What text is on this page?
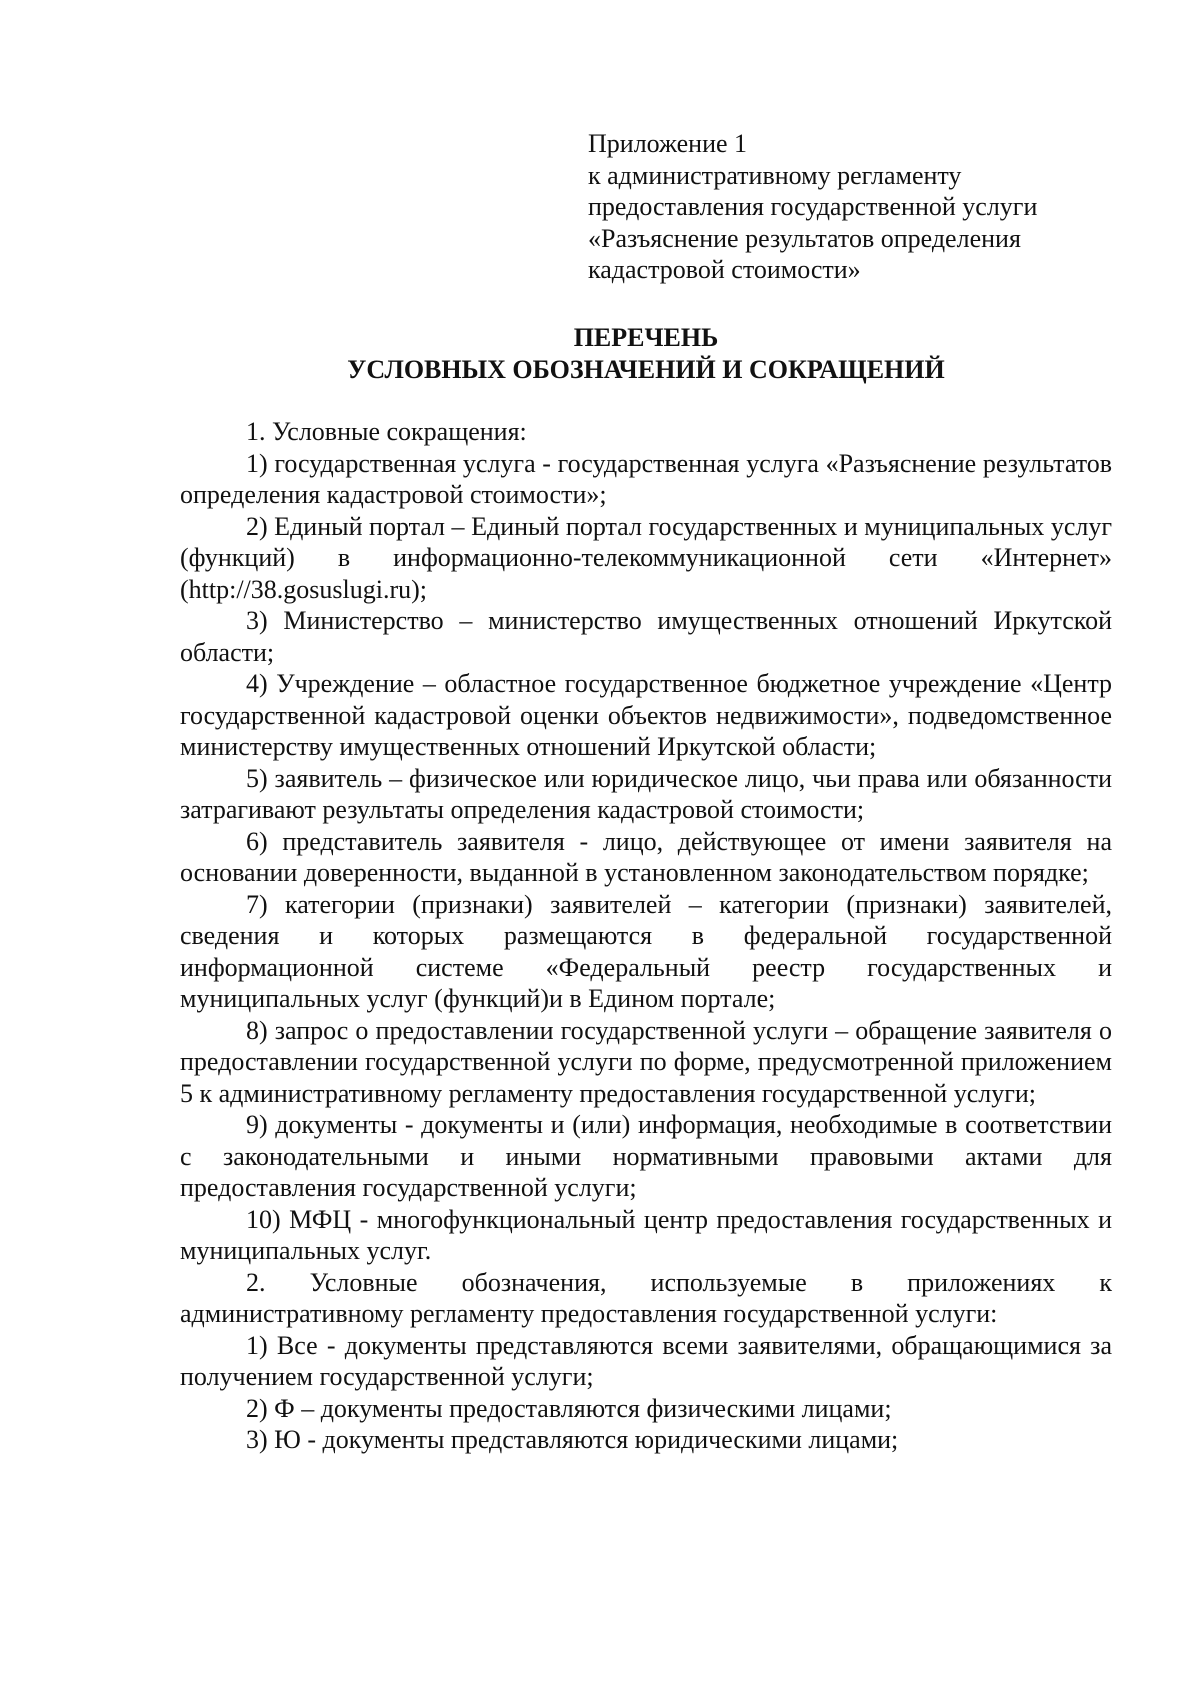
Приложение 1
к административному регламенту
предоставления государственной услуги
«Разъяснение результатов определения
кадастровой стоимости»
ПЕРЕЧЕНЬ
УСЛОВНЫХ ОБОЗНАЧЕНИЙ И СОКРАЩЕНИЙ

1. Условные сокращения:

1) государственная услуга - государственная услуга «Разъяснение результатов определения кадастровой стоимости»;

2) Единый портал – Единый портал государственных и муниципальных услуг (функций) в информационно-телекоммуникационной сети «Интернет» (http://38.gosuslugi.ru);

3) Министерство – министерство имущественных отношений Иркутской области;

4) Учреждение – областное государственное бюджетное учреждение «Центр государственной кадастровой оценки объектов недвижимости», подведомственное министерству имущественных отношений Иркутской области;

5) заявитель – физическое или юридическое лицо, чьи права или обязанности затрагивают результаты определения кадастровой стоимости;

6) представитель заявителя - лицо, действующее от имени заявителя на основании доверенности, выданной в установленном законодательством порядке;

7) категории (признаки) заявителей – категории (признаки) заявителей, сведения и которых размещаются в федеральной государственной информационной системе «Федеральный реестр государственных и муниципальных услуг (функций)и в Едином портале;

8) запрос о предоставлении государственной услуги – обращение заявителя о предоставлении государственной услуги по форме, предусмотренной приложением 5 к административному регламенту предоставления государственной услуги;

9) документы - документы и (или) информация, необходимые в соответствии с законодательными и иными нормативными правовыми актами для предоставления государственной услуги;

10) МФЦ - многофункциональный центр предоставления государственных и муниципальных услуг.

2. Условные обозначения, используемые в приложениях к административному регламенту предоставления государственной услуги:

1) Все - документы представляются всеми заявителями, обращающимися за получением государственной услуги;

2) Ф – документы предоставляются физическими лицами;

3) Ю - документы представляются юридическими лицами;
